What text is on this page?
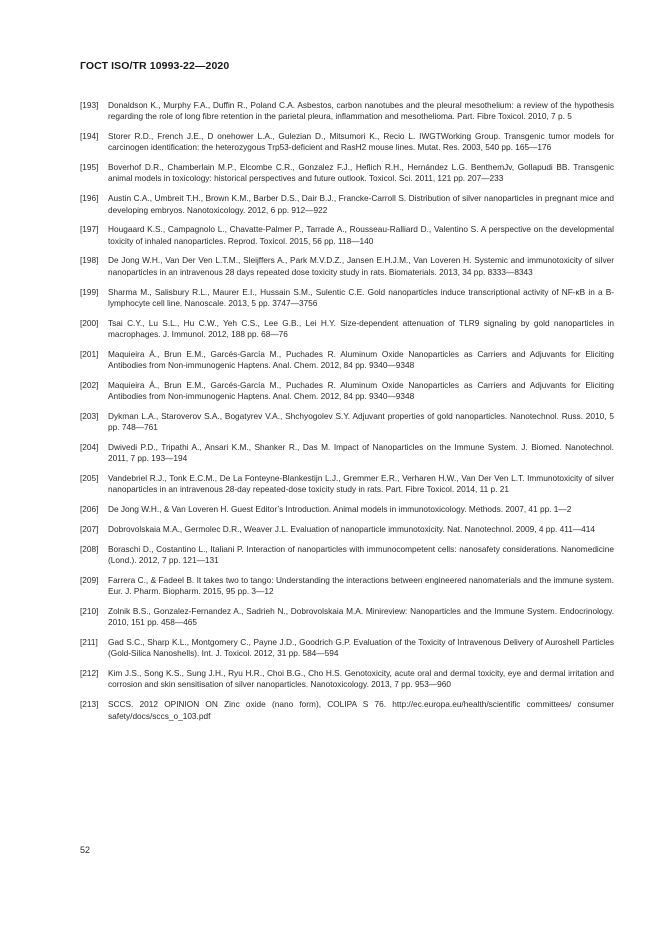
ГОСТ ISO/TR 10993-22—2020
[193]	Donaldson K., Murphy F.A., Duffin R., Poland C.A. Asbestos, carbon nanotubes and the pleural mesothelium: a review of the hypothesis regarding the role of long fibre retention in the parietal pleura, inflammation and mesothelioma. Part. Fibre Toxicol. 2010, 7 p. 5
[194]	Storer R.D., French J.E., D onehower L.A., Gulezian D., Mitsumori K., Recio L. IWGTWorking Group. Transgenic tumor models for carcinogen identification: the heterozygous Trp53-deficient and RasH2 mouse lines. Mutat. Res. 2003, 540 pp. 165—176
[195]	Boverhof D.R., Chamberlain M.P., Elcombe C.R., Gonzalez F.J., Heflich R.H., Hernández L.G. BenthemJv, Gollapudi BB. Transgenic animal models in toxicology: historical perspectives and future outlook. Toxicol. Sci. 2011, 121 pp. 207—233
[196]	Austin C.A., Umbreit T.H., Brown K.M., Barber D.S., Dair B.J., Francke-Carroll S. Distribution of silver nanoparticles in pregnant mice and developing embryos. Nanotoxicology. 2012, 6 pp. 912—922
[197]	Hougaard K.S., Campagnolo L., Chavatte-Palmer P., Tarrade A., Rousseau-Ralliard D., Valentino S. A perspective on the developmental toxicity of inhaled nanoparticles. Reprod. Toxicol. 2015, 56 pp. 118—140
[198]	De Jong W.H., Van Der Ven L.T.M., Sleijffers A., Park M.V.D.Z., Jansen E.H.J.M., Van Loveren H. Systemic and immunotoxicity of silver nanoparticles in an intravenous 28 days repeated dose toxicity study in rats. Biomaterials. 2013, 34 pp. 8333—8343
[199]	Sharma M., Salisbury R.L., Maurer E.I., Hussain S.M., Sulentic C.E. Gold nanoparticles induce transcriptional activity of NF-κB in a B-lymphocyte cell line. Nanoscale. 2013, 5 pp. 3747—3756
[200]	Tsai C.Y., Lu S.L., Hu C.W., Yeh C.S., Lee G.B., Lei H.Y. Size-dependent attenuation of TLR9 signaling by gold nanoparticles in macrophages. J. Immunol. 2012, 188 pp. 68—76
[201]	Maquieira Á., Brun E.M., Garcés-García M., Puchades R. Aluminum Oxide Nanoparticles as Carriers and Adjuvants for Eliciting Antibodies from Non-immunogenic Haptens. Anal. Chem. 2012, 84 pp. 9340—9348
[202]	Maquieira Á., Brun E.M., Garcés-García M., Puchades R. Aluminum Oxide Nanoparticles as Carriers and Adjuvants for Eliciting Antibodies from Non-immunogenic Haptens. Anal. Chem. 2012, 84 pp. 9340—9348
[203]	Dykman L.A., Staroverov S.A., Bogatyrev V.A., Shchyogolev S.Y. Adjuvant properties of gold nanoparticles. Nanotechnol. Russ. 2010, 5 pp. 748—761
[204]	Dwivedi P.D., Tripathi A., Ansari K.M., Shanker R., Das M. Impact of Nanoparticles on the Immune System. J. Biomed. Nanotechnol. 2011, 7 pp. 193—194
[205]	Vandebriel R.J., Tonk E.C.M., De La Fonteyne-Blankestijn L.J., Gremmer E.R., Verharen H.W., Van Der Ven L.T. Immunotoxicity of silver nanoparticles in an intravenous 28-day repeated-dose toxicity study in rats. Part. Fibre Toxicol. 2014, 11 p. 21
[206]	De Jong W.H., & Van Loveren H. Guest Editor’s Introduction. Animal models in immunotoxicology. Methods. 2007, 41 pp. 1—2
[207]	Dobrovolskaia M.A., Germolec D.R., Weaver J.L. Evaluation of nanoparticle immunotoxicity. Nat. Nanotechnol. 2009, 4 pp. 411—414
[208]	Boraschi D., Costantino L., Italiani P. Interaction of nanoparticles with immunocompetent cells: nanosafety considerations. Nanomedicine (Lond.). 2012, 7 pp. 121—131
[209]	Farrera C., & Fadeel B. It takes two to tango: Understanding the interactions between engineered nanomaterials and the immune system. Eur. J. Pharm. Biopharm. 2015, 95 pp. 3—12
[210]	Zolnik B.S., Gonzalez-Fernandez A., Sadrieh N., Dobrovolskaia M.A. Minireview: Nanoparticles and the Immune System. Endocrinology. 2010, 151 pp. 458—465
[211]	Gad S.C., Sharp K.L., Montgomery C., Payne J.D., Goodrich G.P. Evaluation of the Toxicity of Intravenous Delivery of Auroshell Particles (Gold-Silica Nanoshells). Int. J. Toxicol. 2012, 31 pp. 584—594
[212]	Kim J.S., Song K.S., Sung J.H., Ryu H.R., Choi B.G., Cho H.S. Genotoxicity, acute oral and dermal toxicity, eye and dermal irritation and corrosion and skin sensitisation of silver nanoparticles. Nanotoxicology. 2013, 7 pp. 953—960
[213]	SCCS. 2012 OPINION ON Zinc oxide (nano form), COLIPA S 76. http://ec.europa.eu/health/scientific committees/ consumer safety/docs/sccs_o_103.pdf
52
